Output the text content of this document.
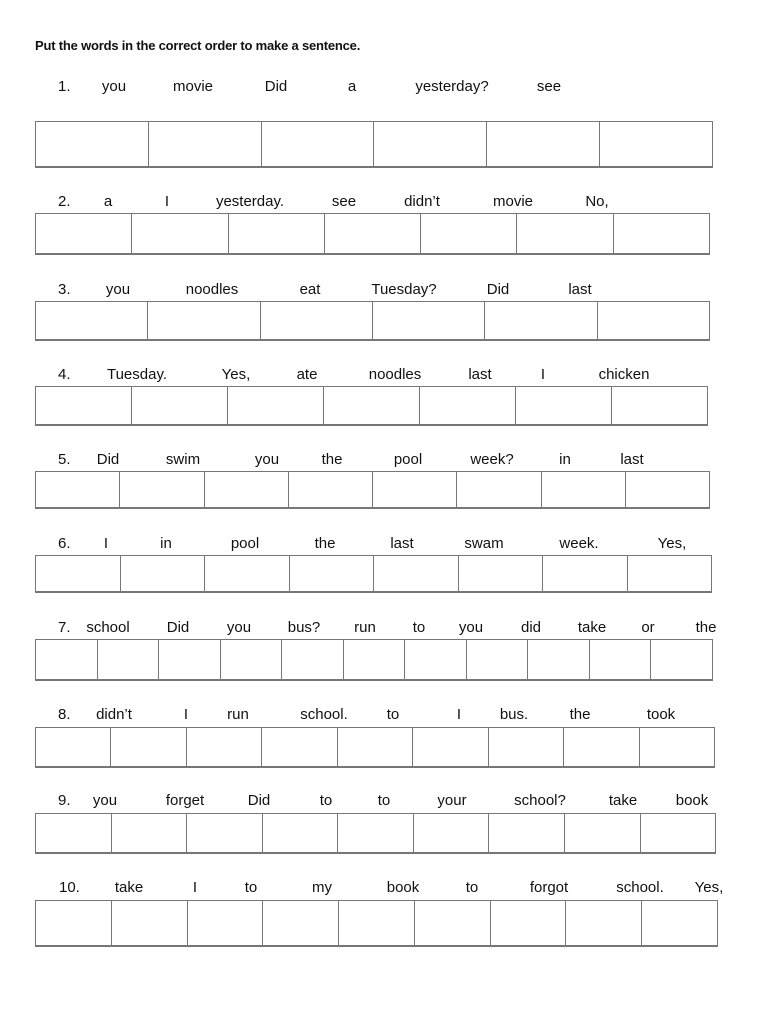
Put the words in the correct order to make a sentence.
1. you	movie	Did	a	yesterday?	see
2. a	I	yesterday.	see	didn’t	movie	No,
3. you	noodles	eat	Tuesday?	Did	last
4. Tuesday.	Yes,	ate	noodles	last	I	chicken
5. Did	swim	you	the	pool	week?	in	last
6. I	in	pool	the	last	swam	week.	Yes,
7. school Did	you bus? run to you	did take or	the
8. didn’t	I	run	school.	to	I	bus.	the	took
9. you	forget	Did	to	to	your	school?	take	book
10. take	I	to	my	book	to	forgot	school. Yes,
